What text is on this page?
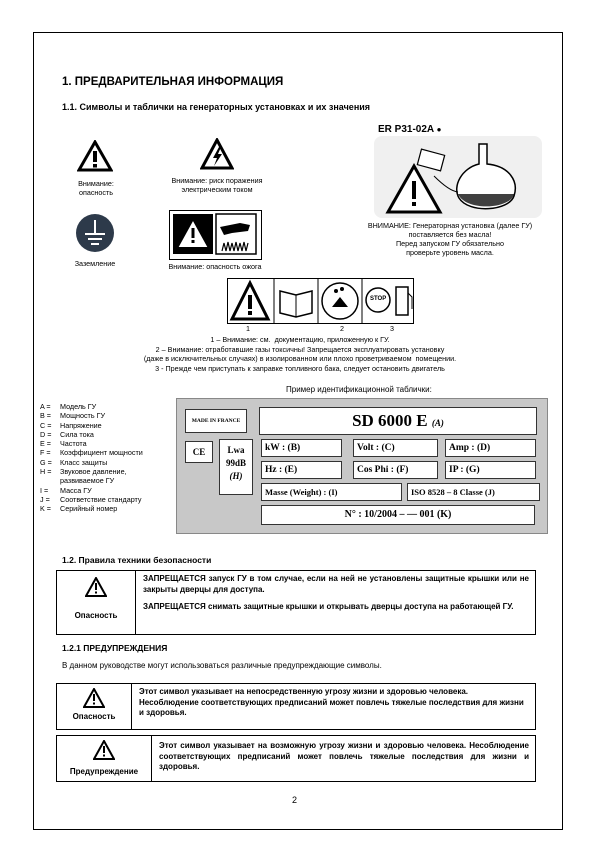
1. ПРЕДВАРИТЕЛЬНАЯ ИНФОРМАЦИЯ
1.1. Символы и таблички на генераторных установках и их значения
Внимание:
опасность
Внимание: риск поражения
электрическим током
Заземление	Внимание: опасность ожога
ER P31-02A ●
ВНИМАНИЕ: Генераторная установка (далее ГУ)
поставляется без масла!
Перед запуском ГУ обязательно
проверьте уровень масла.
STOP
1	2	3
1 – Внимание: см.  документацию, приложенную к ГУ.
2 – Внимание: отработавшие газы токсичны! Запрещается эксплуатировать установку
(даже в исключительных случаях) в изолированном или плохо проветриваемом  помещении.
3 - Прежде чем приступать к заправке топливного бака, следует остановить двигатель
Пример идентификационной таблички:
A =	Модель ГУ
B =	Мощность ГУ
C =	Напряжение
D =	Сила тока
E =	Частота
F =	Коэффициент мощности
G =	Класс защиты
H =	Звуковое давление,
развиваемое ГУ
I =	Масса ГУ
J =	Соответствие стандарту
K =	Серийный номер
MADE IN FRANCE	SD 6000 E (A)
CE	Lwa
99dB
(H)
kW : (B)	Volt : (C)	Amp : (D)
Hz : (E)	Cos Phi : (F)	IP : (G)
Masse (Weight) : (I)	ISO 8528 – 8 Classe (J)
N° : 10/2004 – — 001 (K)
1.2. Правила техники безопасности
Опасность
ЗАПРЕЩАЕТСЯ запуск ГУ в том случае, если на ней не установлены защитные крышки или не закрыты дверцы для доступа.
ЗАПРЕЩАЕТСЯ снимать защитные крышки и открывать дверцы доступа на работающей ГУ.
1.2.1 ПРЕДУПРЕЖДЕНИЯ
В данном руководстве могут использоваться различные предупреждающие символы.
Опасность
Этот символ указывает на непосредственную угрозу жизни и здоровью человека. Несоблюдение соответствующих предписаний может повлечь тяжелые последствия для жизни и здоровья.
Предупреждение
Этот символ указывает на возможную угрозу жизни и здоровью человека. Несоблюдение соответствующих предписаний может повлечь тяжелые последствия для жизни и здоровья.
2
